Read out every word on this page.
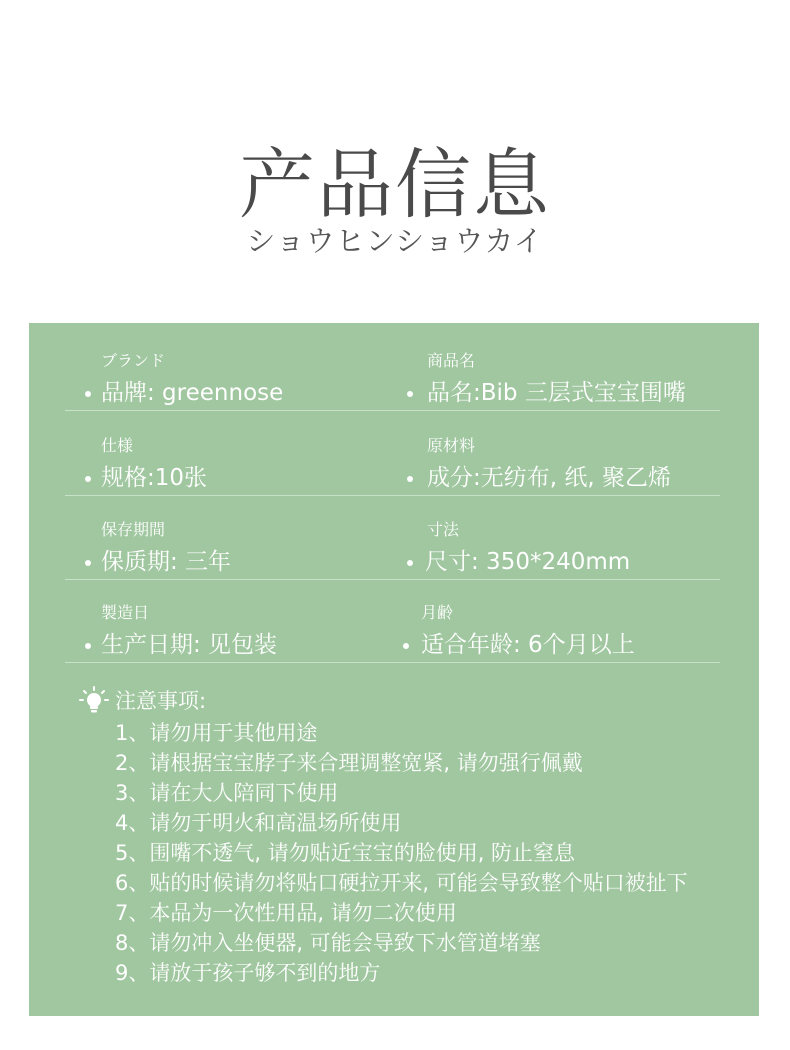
产品信息
ショウヒンショウカイ
ブランド
品牌: greennose
商品名
品名:Bib 三层式宝宝围嘴
仕様
规格:10张
原材料
成分:无纺布, 纸, 聚乙烯
保存期間
保质期: 三年
寸法
尺寸: 350*240mm
製造日
生产日期: 见包装
月齢
适合年龄: 6个月以上
注意事项:
1、请勿用于其他用途
2、请根据宝宝脖子来合理调整宽紧, 请勿强行佩戴
3、请在大人陪同下使用
4、请勿于明火和高温场所使用
5、围嘴不透气, 请勿贴近宝宝的脸使用, 防止窒息
6、贴的时候请勿将贴口硬拉开来, 可能会导致整个贴口被扯下
7、本品为一次性用品, 请勿二次使用
8、请勿冲入坐便器, 可能会导致下水管道堵塞
9、请放于孩子够不到的地方
